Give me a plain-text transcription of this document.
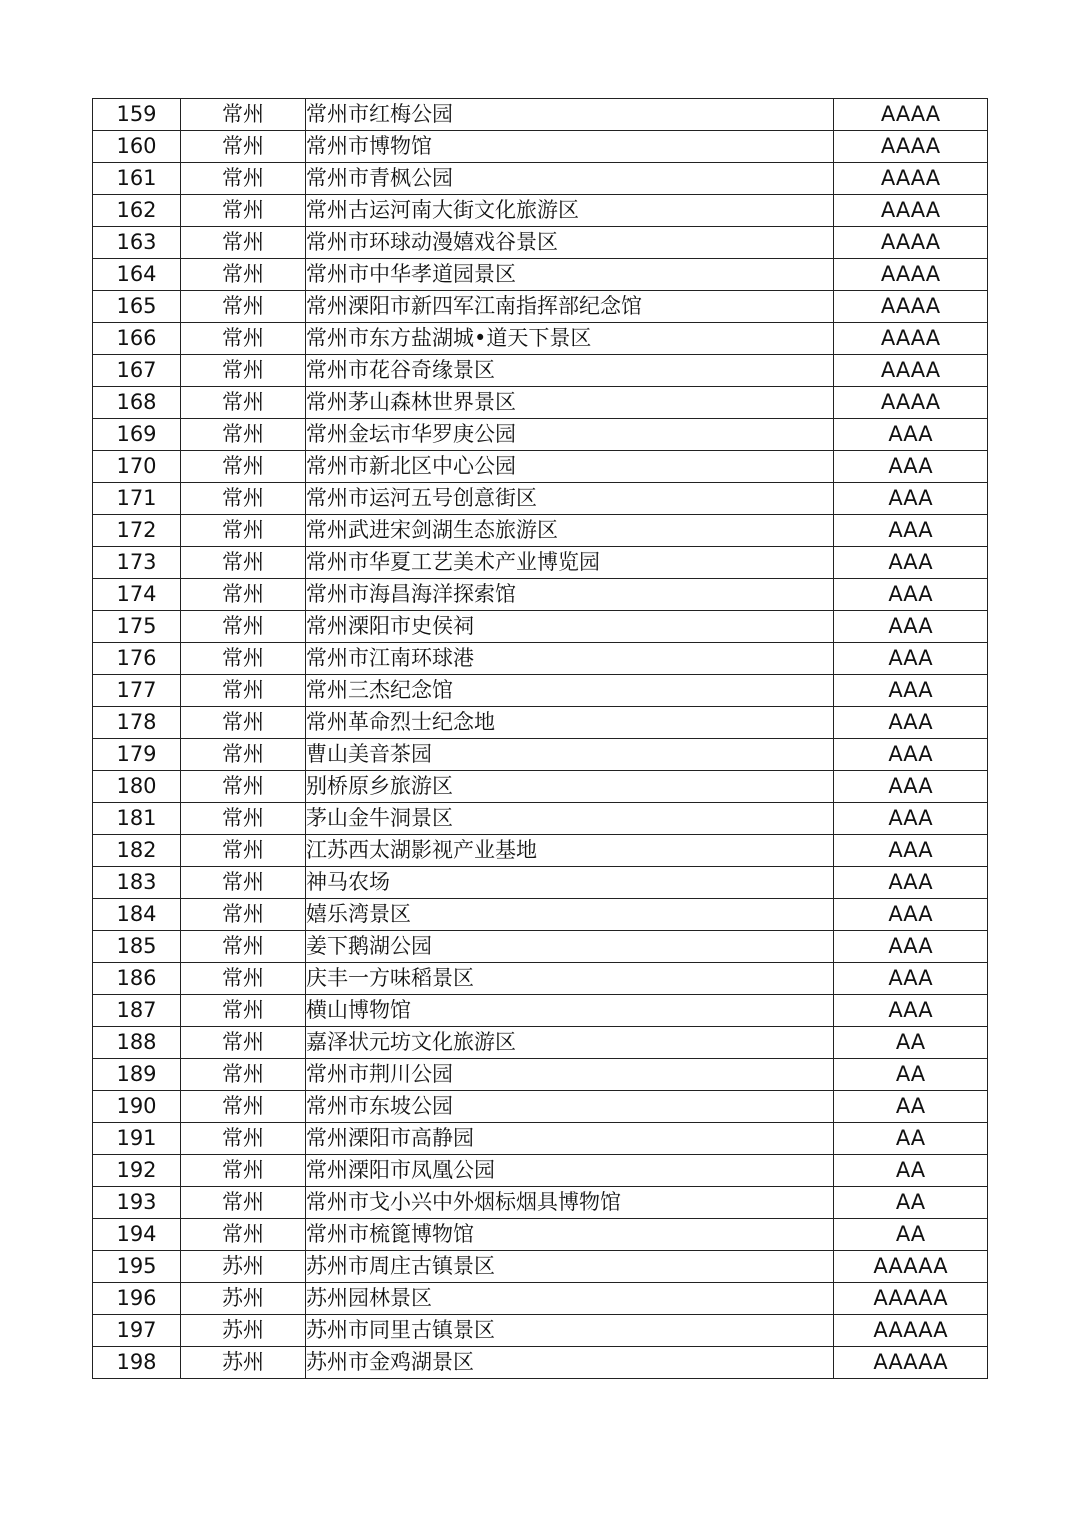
159	常州	常州市红梅公园	AAAA
160	常州	常州市博物馆	AAAA
161	常州	常州市青枫公园	AAAA
162	常州	常州古运河南大街文化旅游区	AAAA
163	常州	常州市环球动漫嬉戏谷景区	AAAA
164	常州	常州市中华孝道园景区	AAAA
165	常州	常州溧阳市新四军江南指挥部纪念馆	AAAA
166	常州	常州市东方盐湖城•道天下景区	AAAA
167	常州	常州市花谷奇缘景区	AAAA
168	常州	常州茅山森林世界景区	AAAA
169	常州	常州金坛市华罗庚公园	AAA
170	常州	常州市新北区中心公园	AAA
171	常州	常州市运河五号创意街区	AAA
172	常州	常州武进宋剑湖生态旅游区	AAA
173	常州	常州市华夏工艺美术产业博览园	AAA
174	常州	常州市海昌海洋探索馆	AAA
175	常州	常州溧阳市史侯祠	AAA
176	常州	常州市江南环球港	AAA
177	常州	常州三杰纪念馆	AAA
178	常州	常州革命烈士纪念地	AAA
179	常州	曹山美音茶园	AAA
180	常州	别桥原乡旅游区	AAA
181	常州	茅山金牛洞景区	AAA
182	常州	江苏西太湖影视产业基地	AAA
183	常州	神马农场	AAA
184	常州	嬉乐湾景区	AAA
185	常州	姜下鹅湖公园	AAA
186	常州	庆丰一方味稻景区	AAA
187	常州	横山博物馆	AAA
188	常州	嘉泽状元坊文化旅游区	AA
189	常州	常州市荆川公园	AA
190	常州	常州市东坡公园	AA
191	常州	常州溧阳市高静园	AA
192	常州	常州溧阳市凤凰公园	AA
193	常州	常州市戈小兴中外烟标烟具博物馆	AA
194	常州	常州市梳篦博物馆	AA
195	苏州	苏州市周庄古镇景区	AAAAA
196	苏州	苏州园林景区	AAAAA
197	苏州	苏州市同里古镇景区	AAAAA
198	苏州	苏州市金鸡湖景区	AAAAA
